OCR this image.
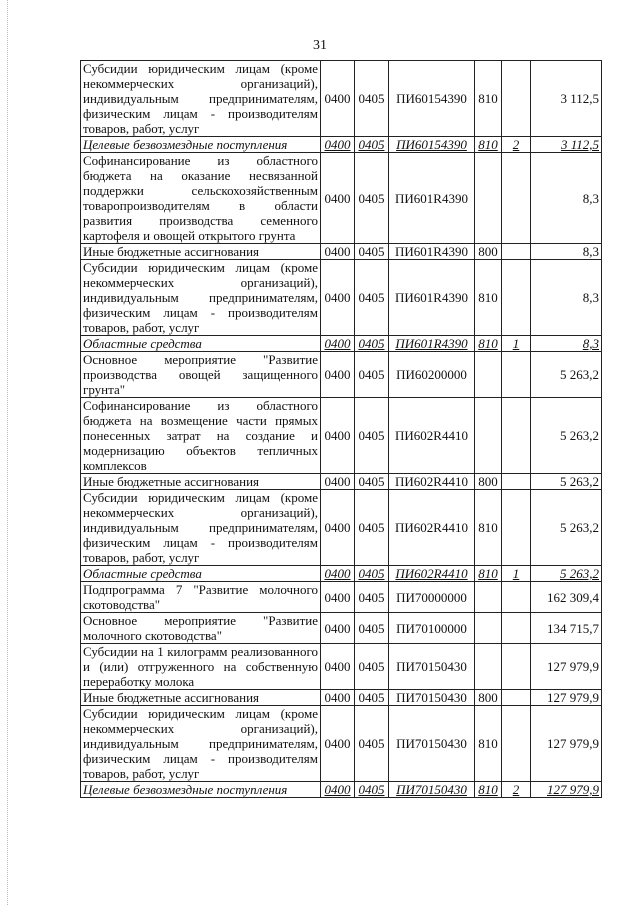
31
Субсидии юридическим лицам (кроме некоммерческих организаций), индивидуальным предпринимателям, физическим лицам - производителям товаров, работ, услуг	0400	0405	ПИ60154390	810		3 112,5
Целевые безвозмездные поступления	0400	0405	ПИ60154390	810	2	3 112,5
Софинансирование из областного бюджета на оказание несвязанной поддержки сельскохозяйственным товаропроизводителям в области развития производства семенного картофеля и овощей открытого грунта	0400	0405	ПИ601R4390			8,3
Иные бюджетные ассигнования	0400	0405	ПИ601R4390	800		8,3
Субсидии юридическим лицам (кроме некоммерческих организаций), индивидуальным предпринимателям, физическим лицам - производителям товаров, работ, услуг	0400	0405	ПИ601R4390	810		8,3
Областные средства	0400	0405	ПИ601R4390	810	1	8,3
Основное мероприятие "Развитие производства овощей защищенного грунта"	0400	0405	ПИ60200000			5 263,2
Софинансирование из областного бюджета на возмещение части прямых понесенных затрат на создание и модернизацию объектов тепличных комплексов	0400	0405	ПИ602R4410			5 263,2
Иные бюджетные ассигнования	0400	0405	ПИ602R4410	800		5 263,2
Субсидии юридическим лицам (кроме некоммерческих организаций), индивидуальным предпринимателям, физическим лицам - производителям товаров, работ, услуг	0400	0405	ПИ602R4410	810		5 263,2
Областные средства	0400	0405	ПИ602R4410	810	1	5 263,2
Подпрограмма 7 "Развитие молочного скотоводства"	0400	0405	ПИ70000000			162 309,4
Основное мероприятие "Развитие молочного скотоводства"	0400	0405	ПИ70100000			134 715,7
Субсидии на 1 килограмм реализованного и (или) отгруженного на собственную переработку молока	0400	0405	ПИ70150430			127 979,9
Иные бюджетные ассигнования	0400	0405	ПИ70150430	800		127 979,9
Субсидии юридическим лицам (кроме некоммерческих организаций), индивидуальным предпринимателям, физическим лицам - производителям товаров, работ, услуг	0400	0405	ПИ70150430	810		127 979,9
Целевые безвозмездные поступления	0400	0405	ПИ70150430	810	2	127 979,9
